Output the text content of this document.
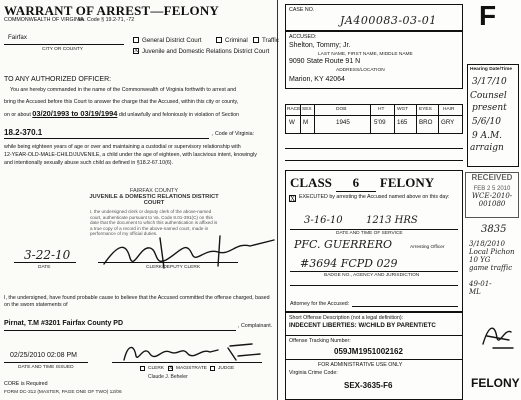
WARRANT OF ARREST—FELONY
COMMONWEALTH OF VIRGINIA
Va. Code § 19.2-71, -72
Fairfax
CITY OR COUNTY
General District Court	Criminal Traffic
X Juvenile and Domestic Relations District Court
TO ANY AUTHORIZED OFFICER:
You are hereby commanded in the name of the Commonwealth of Virginia forthwith to arrest and
bring the Accused before this Court to answer the charge that the Accused, within this city or county,
on or about 03/20/1993 to 03/19/1994 did unlawfully and feloniously in violation of Section
18.2-370.1	, Code of Virginia:
while being eighteen years of age or over and maintaining a custodial or supervisory relationship with
12-YEAR-OLD-MALE-CHILD/JUVENILE, a child under the age of eighteen, with lascivious intent, knowingly
and intentionally sexually abuse such child as defined in §18.2-67.10(6).
FAIRFAX COUNTY
JUVENILE & DOMESTIC RELATIONS DISTRICT COURT
I, the undersigned clerk or deputy clerk of the above-named court, authenticate pursuant to Va. Code 8.01-391(C) on this date that the document to which this authentication is affixed is a true copy of a record in the above-named court, made in performance of my official duties.
3-22-10
DATE	CLERK/DEPUTY CLERK
I, the undersigned, have found probable cause to believe that the Accused committed the offense charged, based on the sworn statements of
Pirnat, T.M #3201 Fairfax County PD	, Complainant.
02/25/2010 02:08 PM
DATE AND TIME ISSUED	CLERK X MAGISTRATE JUDGE
Claude J. Beheler
CORE is Required
FORM DC-312 (MASTER, PAGE ONE OF TWO) 12/06
CASE NO.
JA400083-03-01 F
ACCUSED:
Shelton, Tommy; Jr.
LAST NAME, FIRST NAME, MIDDLE NAME
9090 State Route 91 N
ADDRESS/LOCATION
Marion, KY 42064
RACE SEX	DOB	HT	WGT EYES HAIR
W M	1945	5'09 165 BRO GRY
Hearing Date/Time
3/17/10
Counsel
present
5/6/10
9 A.M.
arraign
CLASS 6 FELONY
X EXECUTED by arresting the Accused named above on this day:
3-16-10 1213 HRS
DATE AND TIME OF SERVICE
PFC. GUERRERO	Arresting Officer
#3694 FCPD 029
BADGE NO., AGENCY AND JURISDICTION
Attorney for the Accused:
RECEIVED
FEB 2 5 2010
WCE-2010-
001080
3835
3/18/2010
Local Pichon
10 YG
game traffic
49-01-
ML
Short Offense Description (not a legal definition):
INDECENT LIBERTIES: W/CHILD BY PARENT/ETC
Offense Tracking Number:
059JM1951002162
FOR ADMINISTRATIVE USE ONLY
Virginia Crime Code:
SEX-3635-F6	FELONY
